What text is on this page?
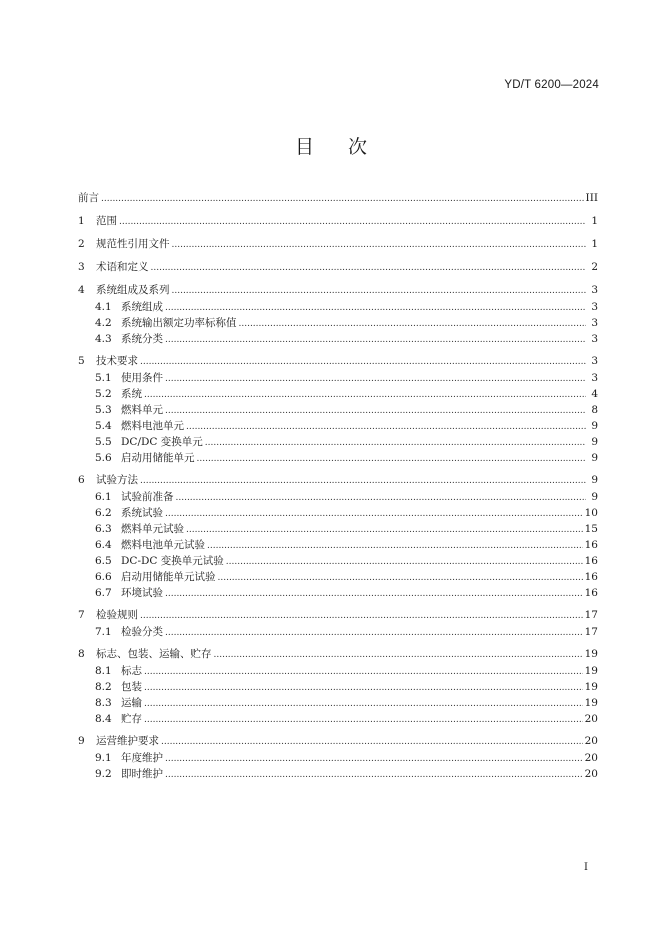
YD/T 6200—2024
目次
前言 .....	III
1	范围 .....	1
2	规范性引用文件 .....	1
3	术语和定义 .....	2
4	系统组成及系列 .....	3
4.1 系统组成 .....	3
4.2 系统输出额定功率标称值 .....	3
4.3 系统分类 .....	3
5	技术要求 .....	3
5.1 使用条件 .....	3
5.2 系统 .....	4
5.3 燃料单元 .....	8
5.4 燃料电池单元 .....	9
5.5 DC/DC 变换单元 .....	9
5.6 启动用储能单元 .....	9
6	试验方法 .....	9
6.1 试验前准备 .....	9
6.2 系统试验 .....	10
6.3 燃料单元试验 .....	15
6.4 燃料电池单元试验 .....	16
6.5 DC-DC 变换单元试验 .....	16
6.6 启动用储能单元试验 .....	16
6.7 环境试验 .....	16
7	检验规则 .....	17
7.1 检验分类 .....	17
8	标志、包装、运输、贮存 .....	19
8.1 标志 .....	19
8.2 包装 .....	19
8.3 运输 .....	19
8.4 贮存 .....	20
9	运营维护要求 .....	20
9.1 年度维护 .....	20
9.2 即时维护 .....	20
I
